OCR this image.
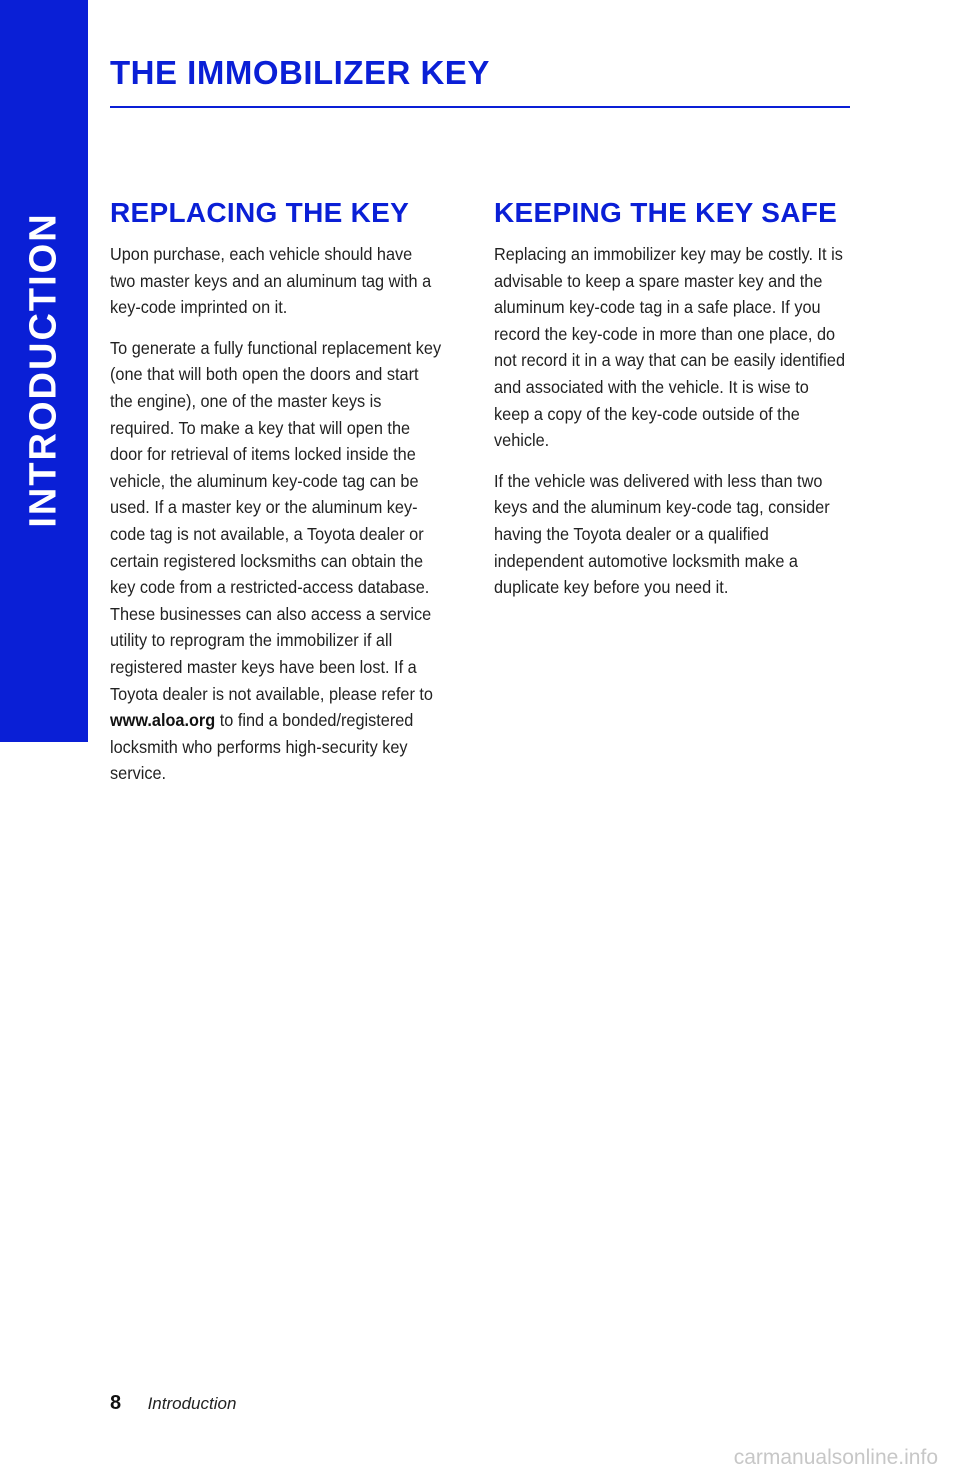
INTRODUCTION
THE IMMOBILIZER KEY
REPLACING THE KEY

Upon purchase, each vehicle should have two master keys and an aluminum tag with a key-code imprinted on it.

To generate a fully functional replacement key (one that will both open the doors and start the engine), one of the master keys is required. To make a key that will open the door for retrieval of items locked inside the vehicle, the aluminum key-code tag can be used. If a master key or the aluminum key-code tag is not available, a Toyota dealer or certain registered locksmiths can obtain the key code from a restricted-access database. These businesses can also access a service utility to reprogram the immobilizer if all registered master keys have been lost. If a Toyota dealer is not available, please refer to www.aloa.org to find a bonded/registered locksmith who performs high-security key service.

KEEPING THE KEY SAFE

Replacing an immobilizer key may be costly. It is advisable to keep a spare master key and the aluminum key-code tag in a safe place. If you record the key-code in more than one place, do not record it in a way that can be easily identified and associated with the vehicle. It is wise to keep a copy of the key-code outside of the vehicle.

If the vehicle was delivered with less than two keys and the aluminum key-code tag, consider having the Toyota dealer or a qualified independent automotive locksmith make a duplicate key before you need it.

8 Introduction
carmanualsonline.info
